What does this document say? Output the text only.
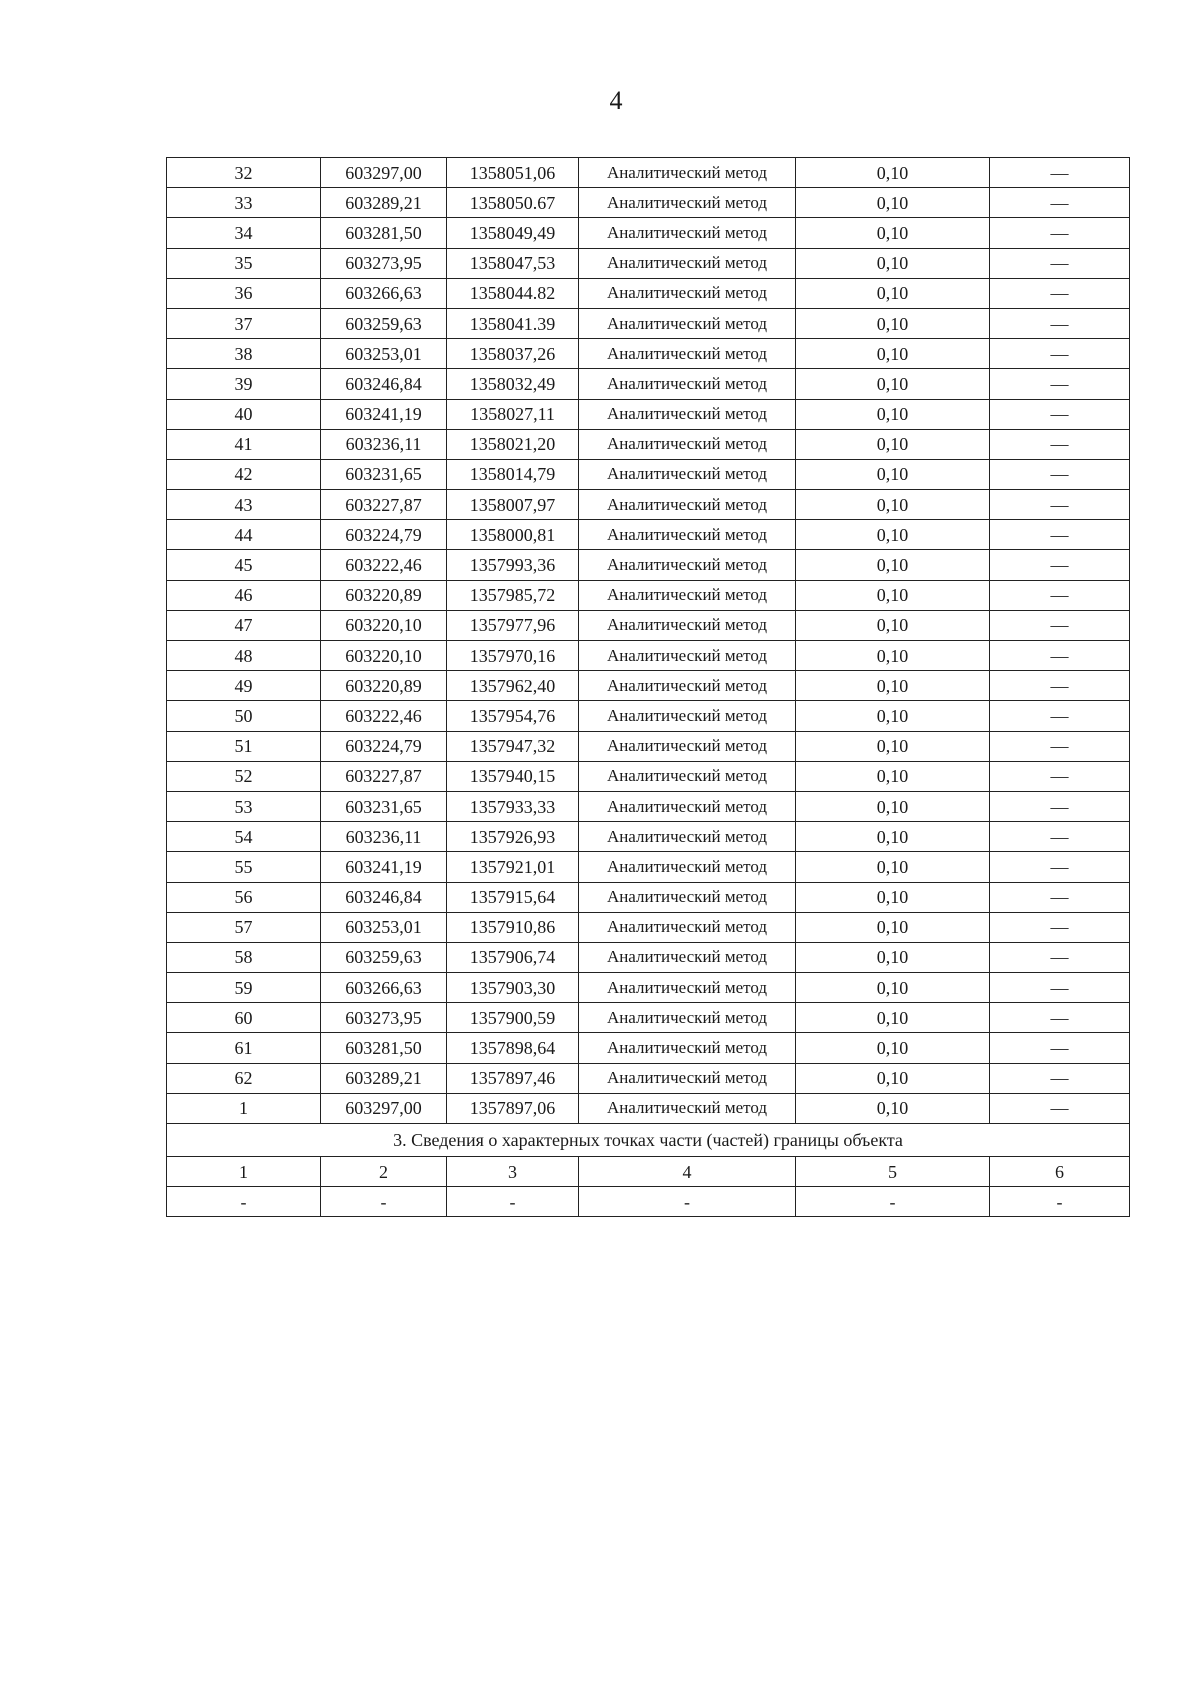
4
32	603297,00	1358051,06	Аналитический метод	0,10	—
33	603289,21	1358050.67	Аналитический метод	0,10	—
34	603281,50	1358049,49	Аналитический метод	0,10	—
35	603273,95	1358047,53	Аналитический метод	0,10	—
36	603266,63	1358044.82	Аналитический метод	0,10	—
37	603259,63	1358041.39	Аналитический метод	0,10	—
38	603253,01	1358037,26	Аналитический метод	0,10	—
39	603246,84	1358032,49	Аналитический метод	0,10	—
40	603241,19	1358027,11	Аналитический метод	0,10	—
41	603236,11	1358021,20	Аналитический метод	0,10	—
42	603231,65	1358014,79	Аналитический метод	0,10	—
43	603227,87	1358007,97	Аналитический метод	0,10	—
44	603224,79	1358000,81	Аналитический метод	0,10	—
45	603222,46	1357993,36	Аналитический метод	0,10	—
46	603220,89	1357985,72	Аналитический метод	0,10	—
47	603220,10	1357977,96	Аналитический метод	0,10	—
48	603220,10	1357970,16	Аналитический метод	0,10	—
49	603220,89	1357962,40	Аналитический метод	0,10	—
50	603222,46	1357954,76	Аналитический метод	0,10	—
51	603224,79	1357947,32	Аналитический метод	0,10	—
52	603227,87	1357940,15	Аналитический метод	0,10	—
53	603231,65	1357933,33	Аналитический метод	0,10	—
54	603236,11	1357926,93	Аналитический метод	0,10	—
55	603241,19	1357921,01	Аналитический метод	0,10	—
56	603246,84	1357915,64	Аналитический метод	0,10	—
57	603253,01	1357910,86	Аналитический метод	0,10	—
58	603259,63	1357906,74	Аналитический метод	0,10	—
59	603266,63	1357903,30	Аналитический метод	0,10	—
60	603273,95	1357900,59	Аналитический метод	0,10	—
61	603281,50	1357898,64	Аналитический метод	0,10	—
62	603289,21	1357897,46	Аналитический метод	0,10	—
1	603297,00	1357897,06	Аналитический метод	0,10	—
3. Сведения о характерных точках части (частей) границы объекта					
1	2	3	4	5	6
-	-	-	-	-	-
